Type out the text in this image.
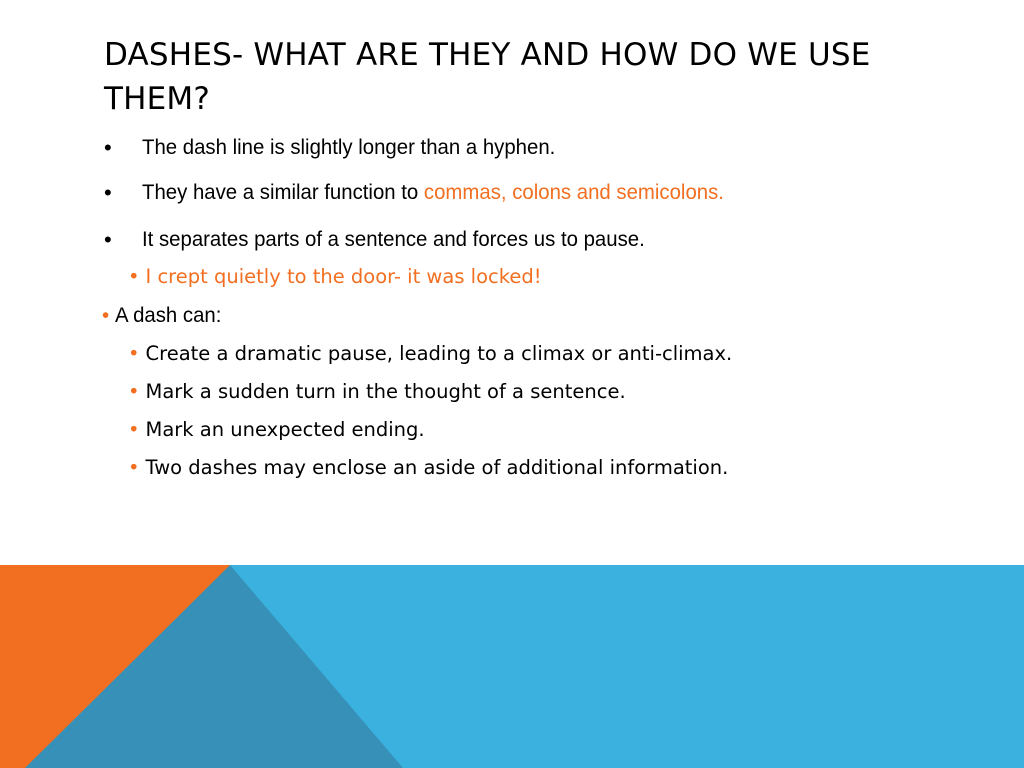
DASHES- WHAT ARE THEY AND HOW DO WE USE THEM?
• The dash line is slightly longer than a hyphen.
• They have a similar function to commas, colons and semicolons.
• It separates parts of a sentence and forces us to pause.
• I crept quietly to the door- it was locked!
• A dash can:
• Create a dramatic pause, leading to a climax or anti-climax.
• Mark a sudden turn in the thought of a sentence.
• Mark an unexpected ending.
• Two dashes may enclose an aside of additional information.
